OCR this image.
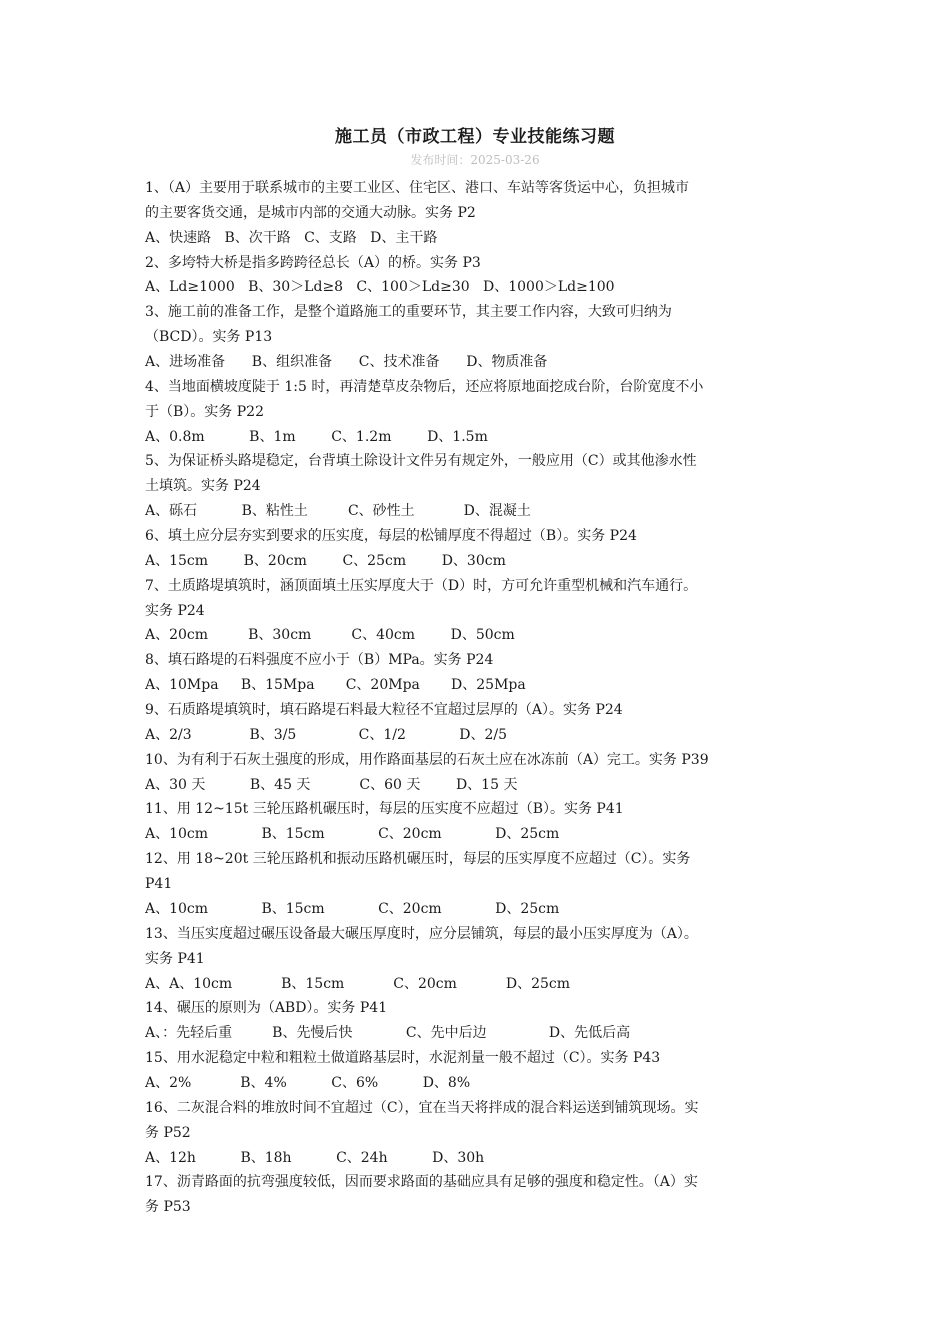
施工员（市政工程）专业技能练习题
发布时间：2025-03-26
1、（A）主要用于联系城市的主要工业区、住宅区、港口、车站等客货运中心，负担城市
的主要客货交通，是城市内部的交通大动脉。实务 P2
A、快速路   B、次干路   C、支路   D、主干路
2、多垮特大桥是指多跨跨径总长（A）的桥。实务 P3
A、Ld≥1000   B、30＞Ld≥8   C、100＞Ld≥30   D、1000＞Ld≥100
3、施工前的准备工作，是整个道路施工的重要环节，其主要工作内容，大致可归纳为
（BCD）。实务 P13
A、进场准备      B、组织准备      C、技术准备      D、物质准备
4、当地面横坡度陡于 1:5 时，再清楚草皮杂物后，还应将原地面挖成台阶，台阶宽度不小
于（B）。实务 P22
A、0.8m          B、1m        C、1.2m        D、1.5m
5、为保证桥头路堤稳定，台背填土除设计文件另有规定外，一般应用（C）或其他渗水性
土填筑。实务 P24
A、砾石          B、粘性土         C、砂性土           D、混凝土
6、填土应分层夯实到要求的压实度，每层的松铺厚度不得超过（B）。实务 P24
A、15cm        B、20cm        C、25cm        D、30cm
7、土质路堤填筑时，涵顶面填土压实厚度大于（D）时，方可允许重型机械和汽车通行。
实务 P24
A、20cm         B、30cm         C、40cm        D、50cm
8、填石路堤的石料强度不应小于（B）MPa。实务 P24
A、10Mpa     B、15Mpa       C、20Mpa       D、25Mpa
9、石质路堤填筑时，填石路堤石料最大粒径不宜超过层厚的（A）。实务 P24
A、2/3             B、3/5              C、1/2            D、2/5
10、为有利于石灰土强度的形成，用作路面基层的石灰土应在冰冻前（A）完工。实务 P39
A、30 天          B、45 天           C、60 天        D、15 天
11、用 12~15t 三轮压路机碾压时，每层的压实度不应超过（B）。实务 P41
A、10cm            B、15cm            C、20cm            D、25cm
12、用 18~20t 三轮压路机和振动压路机碾压时，每层的压实厚度不应超过（C）。实务
P41
A、10cm            B、15cm            C、20cm            D、25cm
13、当压实度超过碾压设备最大碾压厚度时，应分层铺筑，每层的最小压实厚度为（A）。
实务 P41
A、A、10cm           B、15cm           C、20cm           D、25cm
14、碾压的原则为（ABD）。实务 P41
A、：先轻后重         B、先慢后快            C、先中后边              D、先低后高
15、用水泥稳定中粒和粗粒土做道路基层时，水泥剂量一般不超过（C）。实务 P43
A、2%           B、4%          C、6%          D、8%
16、二灰混合料的堆放时间不宜超过（C），宜在当天将拌成的混合料运送到铺筑现场。实
务 P52
A、12h          B、18h          C、24h          D、30h
17、沥青路面的抗弯强度较低，因而要求路面的基础应具有足够的强度和稳定性。（A）实
务 P53
